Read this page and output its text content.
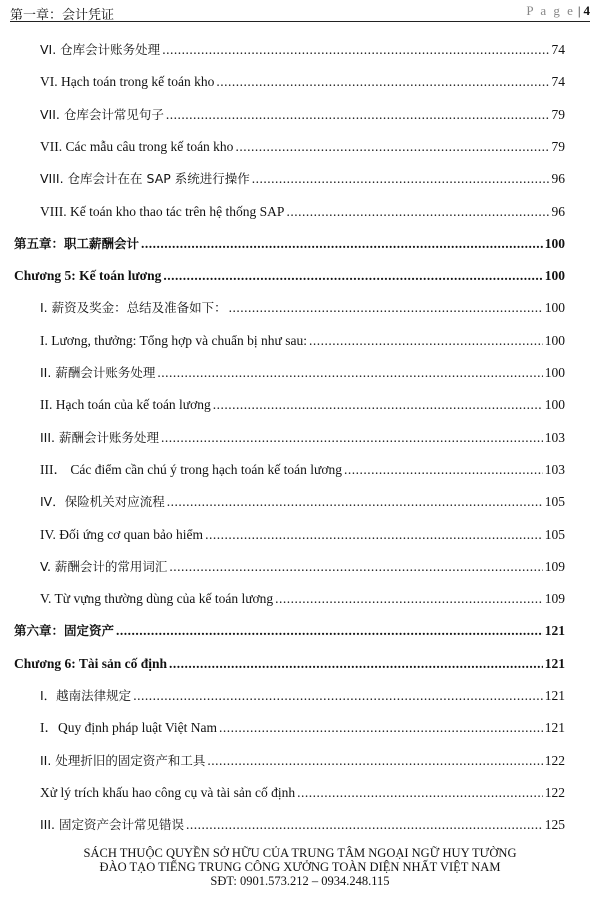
第一章：会计凭证	P a g e | 4
VI. 仓库会计账务处理 .....	74
VI. Hạch toán trong kế toán kho .....	74
VII. 仓库会计常见句子 .....	79
VII. Các mẫu câu trong kế toán kho .....	79
VIII. 仓库会计在在 SAP 系统进行操作 .....	96
VIII. Kế toán kho thao tác trên hệ thống SAP .....	96
第五章：职工薪酬会计 .....	100
Chương 5: Kế toán lương .....	100
I. 薪资及奖金：总结及准备如下： .....	100
I. Lương, thưởng: Tổng hợp và chuẩn bị như sau: .....	100
II. 薪酬会计账务处理 .....	100
II. Hạch toán của kế toán lương .....	100
III. 薪酬会计账务处理 .....	103
III． Các điểm cần chú ý trong hạch toán kế toán lương .....	103
IV．保险机关对应流程 .....	105
IV. Đối ứng cơ quan bảo hiểm .....	105
V. 薪酬会计的常用词汇 .....	109
V. Từ vựng thường dùng của kế toán lương .....	109
第六章：固定资产 .....	121
Chương 6: Tài sản cố định .....	121
I．越南法律规定 .....	121
I．Quy định pháp luật Việt Nam .....	121
II. 处理折旧的固定资产和工具 .....	122
Xử lý trích khấu hao công cụ và tài sản cố định .....	122
III. 固定资产会计常见错误 .....	125
SÁCH THUỘC QUYỀN SỞ HỮU CỦA TRUNG TÂM NGOẠI NGỮ HUY TƯỜNG
ĐÀO TẠO TIẾNG TRUNG CÔNG XƯỞNG TOÀN DIỆN NHẤT VIỆT NAM
SĐT: 0901.573.212 – 0934.248.115
